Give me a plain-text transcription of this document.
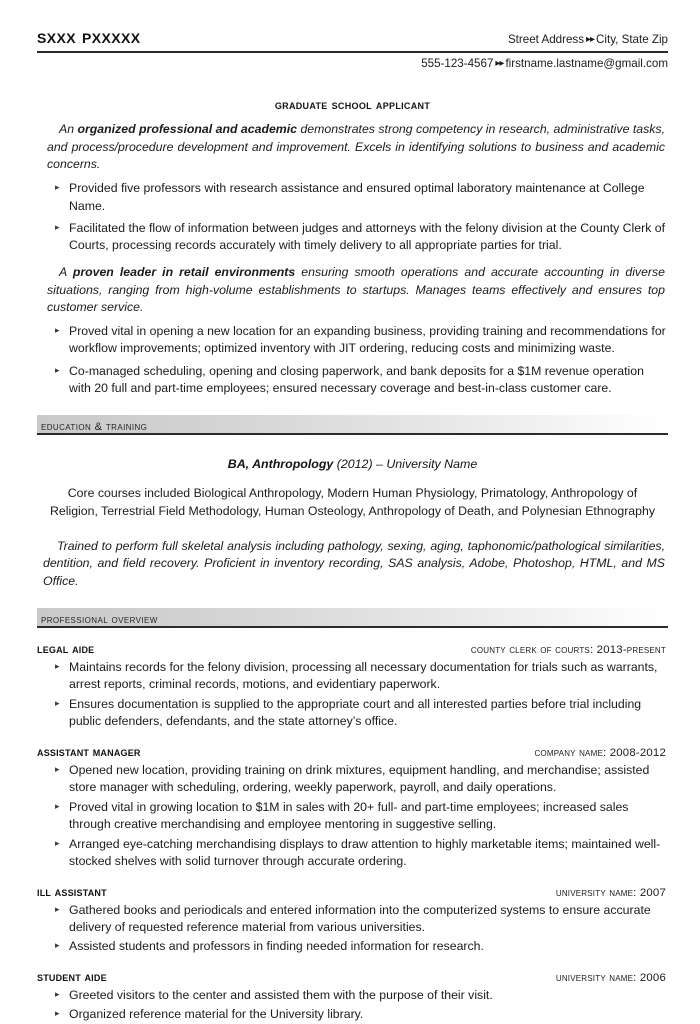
sxxx pxxxxx	Street Address ▸▸ City, State Zip
555-123-4567 ▸▸ firstname.lastname@gmail.com
graduate school applicant

An organized professional and academic demonstrates strong competency in research, administrative tasks, and process/procedure development and improvement. Excels in identifying solutions to business and academic concerns.

▸ Provided five professors with research assistance and ensured optimal laboratory maintenance at College Name.
▸ Facilitated the flow of information between judges and attorneys with the felony division at the County Clerk of Courts, processing records accurately with timely delivery to all appropriate parties for trial.

A proven leader in retail environments ensuring smooth operations and accurate accounting in diverse situations, ranging from high-volume establishments to startups. Manages teams effectively and ensures top customer service.

▸ Proved vital in opening a new location for an expanding business, providing training and recommendations for workflow improvements; optimized inventory with JIT ordering, reducing costs and minimizing waste.
▸ Co-managed scheduling, opening and closing paperwork, and bank deposits for a $1M revenue operation with 20 full and part-time employees; ensured necessary coverage and best-in-class customer care.
education & training
BA, Anthropology (2012) – University Name
Core courses included Biological Anthropology, Modern Human Physiology, Primatology, Anthropology of Religion, Terrestrial Field Methodology, Human Osteology, Anthropology of Death, and Polynesian Ethnography
Trained to perform full skeletal analysis including pathology, sexing, aging, taphonomic/pathological similarities, dentition, and field recovery. Proficient in inventory recording, SAS analysis, Adobe, Photoshop, HTML, and MS Office.
professional overview
legal aide	county clerk of courts: 2013-present
▸ Maintains records for the felony division, processing all necessary documentation for trials such as warrants, arrest reports, criminal records, motions, and evidentiary paperwork.
▸ Ensures documentation is supplied to the appropriate court and all interested parties before trial including public defenders, defendants, and the state attorney’s office.
assistant manager	company name: 2008-2012
▸ Opened new location, providing training on drink mixtures, equipment handling, and merchandise; assisted store manager with scheduling, ordering, weekly paperwork, payroll, and daily operations.
▸ Proved vital in growing location to $1M in sales with 20+ full- and part-time employees; increased sales through creative merchandising and employee mentoring in suggestive selling.
▸ Arranged eye-catching merchandising displays to draw attention to highly marketable items; maintained well-stocked shelves with solid turnover through accurate ordering.
ill assistant	university name: 2007
▸ Gathered books and periodicals and entered information into the computerized systems to ensure accurate delivery of requested reference material from various universities.
▸ Assisted students and professors in finding needed information for research.
student aide	university name: 2006
▸ Greeted visitors to the center and assisted them with the purpose of their visit.
▸ Organized reference material for the University library.
